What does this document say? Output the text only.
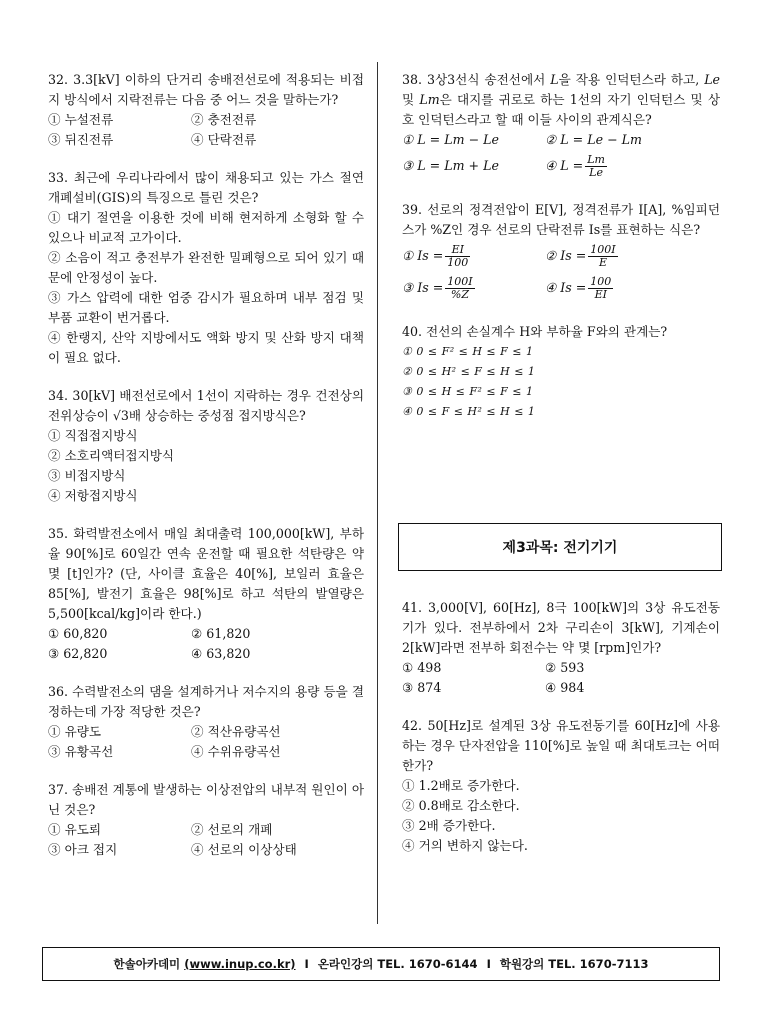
32. 3.3[kV] 이하의 단거리 송배전선로에 적용되는 비접지 방식에서 지락전류는 다음 중 어느 것을 말하는가?
① 누설전류	② 충전전류
③ 뒤진전류	④ 단락전류
33. 최근에 우리나라에서 많이 채용되고 있는 가스 절연 개폐설비(GIS)의 특징으로 틀린 것은?
① 대기 절연을 이용한 것에 비해 현저하게 소형화 할 수 있으나 비교적 고가이다.
② 소음이 적고 충전부가 완전한 밀폐형으로 되어 있기 때문에 안정성이 높다.
③ 가스 압력에 대한 엄중 감시가 필요하며 내부 점검 및 부품 교환이 번거롭다.
④ 한랭지, 산악 지방에서도 액화 방지 및 산화 방지 대책이 필요 없다.
34. 30[kV] 배전선로에서 1선이 지락하는 경우 건전상의 전위상승이 √3배 상승하는 중성점 접지방식은?
① 직접접지방식
② 소호리액터접지방식
③ 비접지방식
④ 저항접지방식
35. 화력발전소에서 매일 최대출력 100,000[kW], 부하율 90[%]로 60일간 연속 운전할 때 필요한 석탄량은 약 몇 [t]인가? (단, 사이클 효율은 40[%], 보일러 효율은 85[%], 발전기 효율은 98[%]로 하고 석탄의 발열량은 5,500[kcal/kg]이라 한다.)
① 60,820	② 61,820
③ 62,820	④ 63,820
36. 수력발전소의 댐을 설계하거나 저수지의 용량 등을 결정하는데 가장 적당한 것은?
① 유량도	② 적산유량곡선
③ 유황곡선	④ 수위유량곡선
37. 송배전 계통에 발생하는 이상전압의 내부적 원인이 아닌 것은?
① 유도뢰	② 선로의 개폐
③ 아크 접지	④ 선로의 이상상태
38. 3상3선식 송전선에서 L을 작용 인덕턴스라 하고, Le 및 Lm은 대지를 귀로로 하는 1선의 자기 인덕턴스 및 상호 인덕턴스라고 할 때 이들 사이의 관계식은?
① L = Lm − Le	② L = Le − Lm
③ L = Lm + Le	④ $L = \frac{Lm}{Le}$
39. 선로의 정격전압이 E[V], 정격전류가 I[A], %임피던스가 %Z인 경우 선로의 단락전류 Is를 표현하는 식은?
① $Is = \frac{EI}{100}$	② $Is = \frac{100I}{E}$
③ $Is = \frac{100I}{\%Z}$	④ $Is = \frac{100}{EI}$
40. 전선의 손실계수 H와 부하율 F와의 관계는?
① 0 ≤ F² ≤ H ≤ F ≤ 1
② 0 ≤ H² ≤ F ≤ H ≤ 1
③ 0 ≤ H ≤ F² ≤ F ≤ 1
④ 0 ≤ F ≤ H² ≤ H ≤ 1
제3과목: 전기기기
41. 3,000[V], 60[Hz], 8극 100[kW]의 3상 유도전동기가 있다. 전부하에서 2차 구리손이 3[kW], 기계손이 2[kW]라면 전부하 회전수는 약 몇 [rpm]인가?
① 498	② 593
③ 874	④ 984
42. 50[Hz]로 설계된 3상 유도전동기를 60[Hz]에 사용하는 경우 단자전압을 110[%]로 높일 때 최대토크는 어떠한가?
① 1.2배로 증가한다.
② 0.8배로 감소한다.
③ 2배 증가한다.
④ 거의 변하지 않는다.
한솔아카데미
(www.inup.co.kr) I 온라인강의 TEL. 1670-6144 I 학원강의 TEL. 1670-7113
